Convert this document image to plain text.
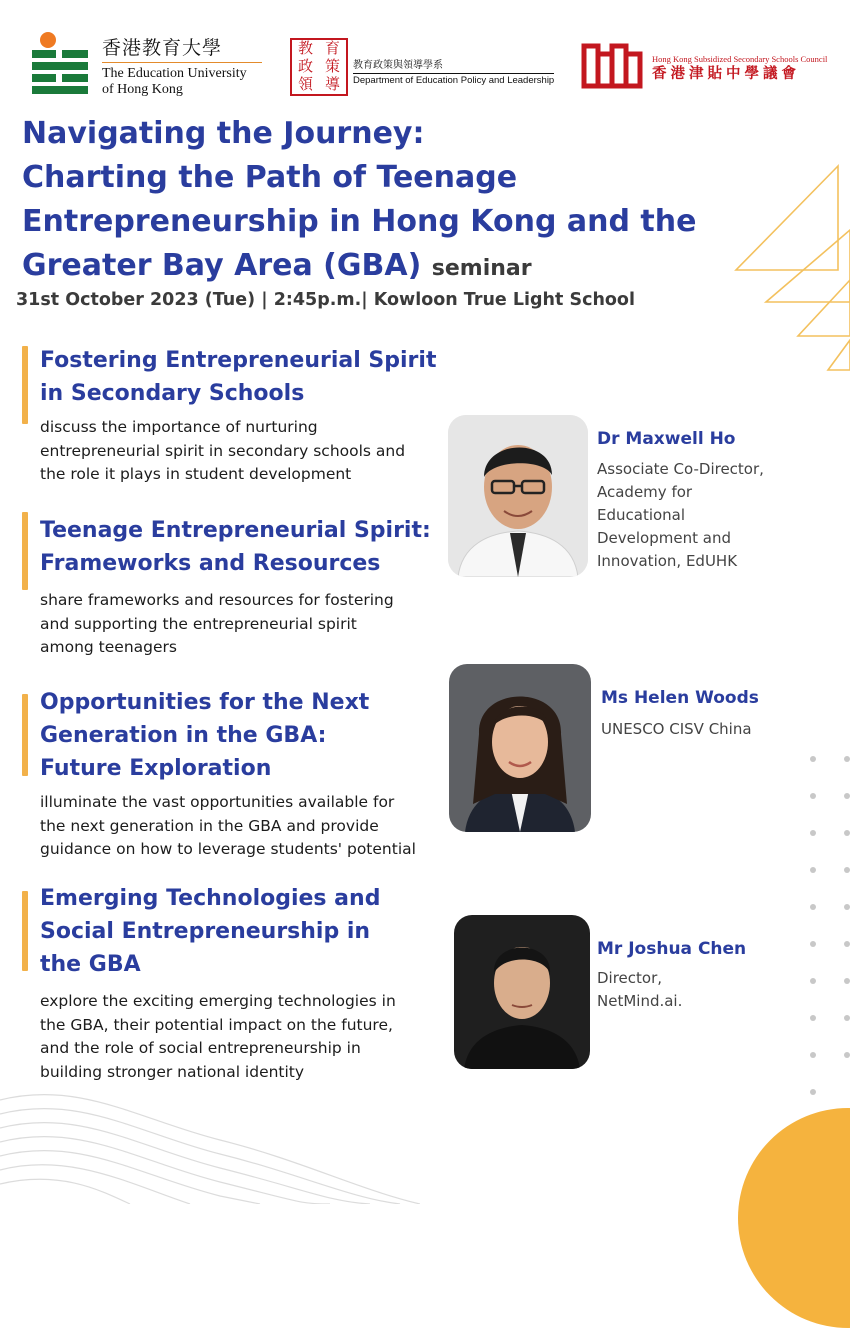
香港教育大學
The Education University
of Hong Kong
教 育
政 策
領 導
教育政策與領導學系
Department of Education Policy and Leadership
Hong Kong Subsidized Secondary Schools Council
香港津貼中學議會
Navigating the Journey:
Charting the Path of Teenage
Entrepreneurship in Hong Kong and the
Greater Bay Area (GBA) seminar
31st October 2023 (Tue) | 2:45p.m.| Kowloon True Light School
Fostering Entrepreneurial Spirit
in Secondary Schools
discuss the importance of nurturing
entrepreneurial spirit in secondary schools and
the role it plays in student development
Teenage Entrepreneurial Spirit:
Frameworks and Resources
share frameworks and resources for fostering
and supporting the entrepreneurial spirit
among teenagers
Opportunities for the Next
Generation in the GBA:
Future Exploration
illuminate the vast opportunities available for
the next generation in the GBA and provide
guidance on how to leverage students' potential
Emerging Technologies and
Social Entrepreneurship in
the GBA
explore the exciting emerging technologies in
the GBA, their potential impact on the future,
and the role of social entrepreneurship in
building stronger national identity
Dr Maxwell Ho
Associate Co-Director,
Academy for
Educational
Development and
Innovation, EdUHK
Ms Helen Woods
UNESCO CISV China
Mr Joshua Chen
Director,
NetMind.ai.
